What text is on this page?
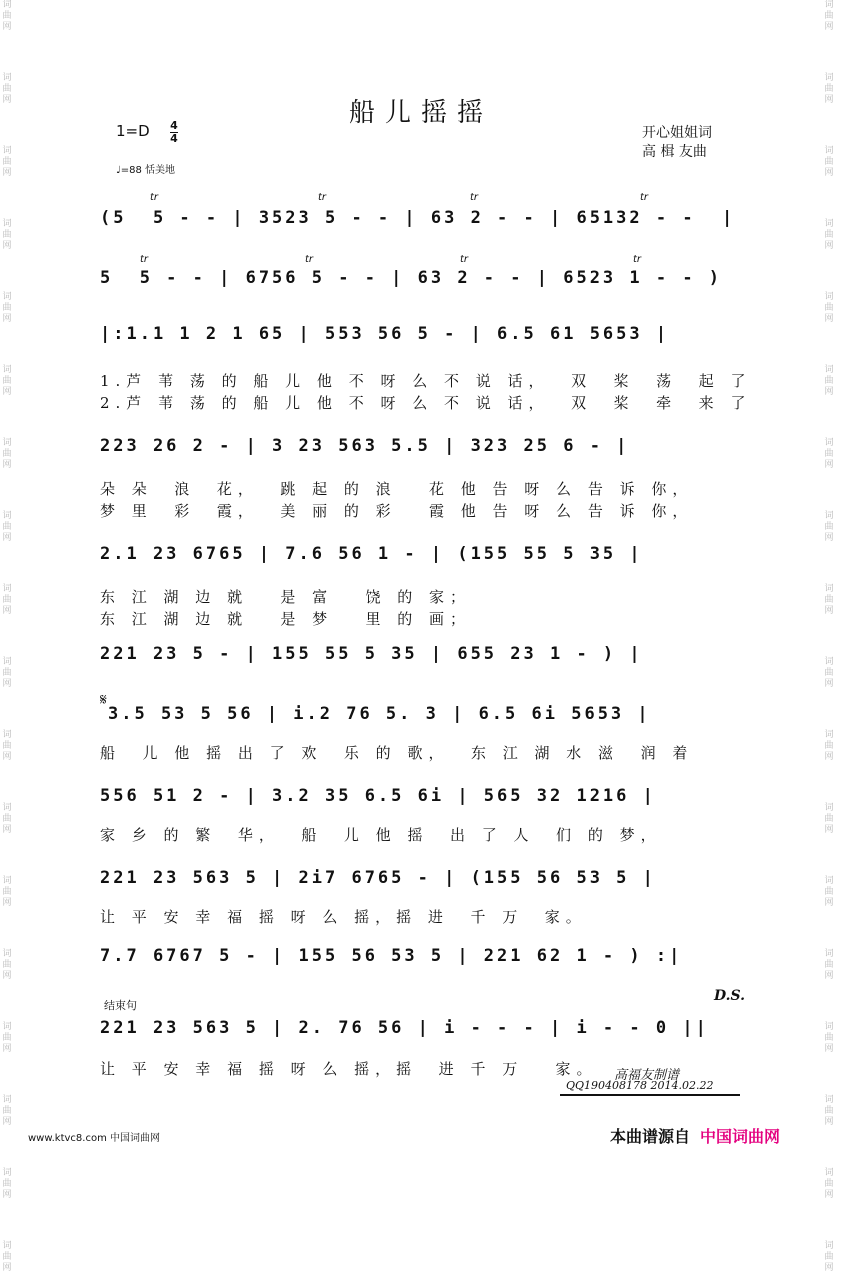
词曲网
词曲网
词曲网
词曲网
词曲网
词曲网
词曲网
词曲网
词曲网
词曲网
词曲网
词曲网
词曲网
词曲网
词曲网
词曲网
词曲网
词曲网
词曲网
词曲网
词曲网
词曲网
词曲网
词曲网
词曲网
词曲网
词曲网
词曲网
词曲网
词曲网
词曲网
词曲网
词曲网
词曲网
词曲网
词曲网
船儿摇摇
1=D 4
4
♩=88 恬美地
开心姐姐词
高 楫 友曲
tr	tr	tr	tr
tr	tr	tr	tr
(5  5 - - | 3523 5 - - | 63 2 - - | 65132 - -  |
5  5 - - | 6756 5 - - | 63 2 - - | 6523 1 - - )
|:1.1 1 2 1 65 | 553 56 5 - | 6.5 61 5653 |
1.芦 苇 荡 的 船 儿 他 不 呀 么 不 说 话，  双  桨  荡  起 了
2.芦 苇 荡 的 船 儿 他 不 呀 么 不 说 话，  双  桨  牵  来 了
223 26 2 - | 3 23 563 5.5 | 323 25 6 - |
朵 朵  浪  花，  跳 起 的 浪   花 他 告 呀 么 告 诉 你，
梦 里  彩  霞，  美 丽 的 彩   霞 他 告 呀 么 告 诉 你，
2.1 23 6765 | 7.6 56 1 - | (155 55 5 35 |
东 江 湖 边 就   是 富   饶 的 家；
东 江 湖 边 就   是 梦   里 的 画；
221 23 5 - | 155 55 5 35 | 655 23 1 - ) |
𝄋
3.5 53 5 56 | i.2 76 5. 3 | 6.5 6i 5653 |
船  儿 他 摇 出 了 欢  乐 的 歌，  东 江 湖 水 滋  润 着
556 51 2 - | 3.2 35 6.5 6i | 565 32 1216 |
家 乡 的 繁  华，  船  儿 他 摇  出 了 人  们 的 梦，
221 23 563 5 | 2i7 6765 - | (155 56 53 5 |
让 平 安 幸 福 摇 呀 么 摇，摇 进  千 万  家。
7.7 6767 5 - | 155 56 53 5 | 221 62 1 - ) :|
D.S.
结束句
221 23 563 5 | 2. 76 56 | i - - - | i - - 0 ||
让 平 安 幸 福 摇 呀 么 摇，摇  进 千 万   家。 高福友制谱
QQ190408178 2014.02.22
www.ktvc8.com 中国词曲网	本曲谱源自 中国词曲网
